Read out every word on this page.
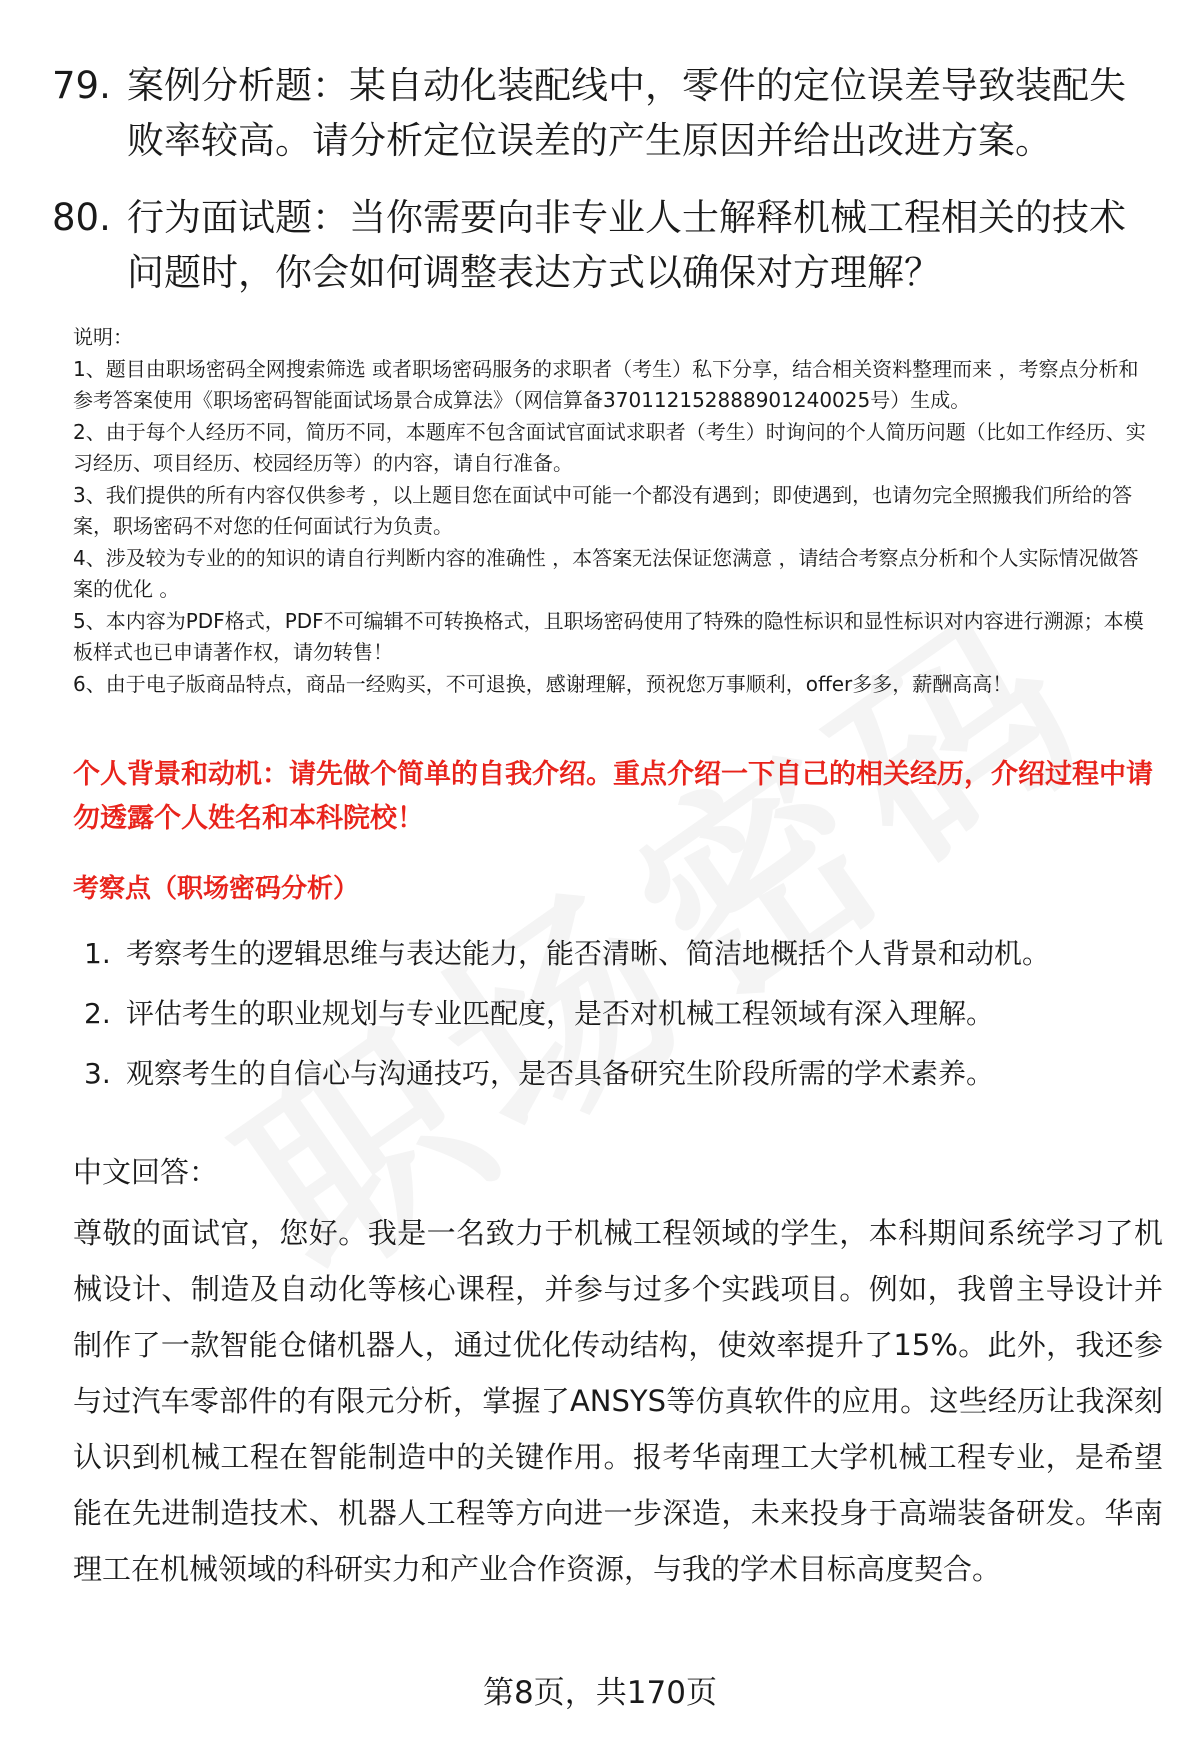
79. 案例分析题：某自动化装配线中，零件的定位误差导致装配失败率较高。请分析定位误差的产生原因并给出改进方案。
80. 行为面试题：当你需要向非专业人士解释机械工程相关的技术问题时，你会如何调整表达方式以确保对方理解？
说明：
1、题目由职场密码全网搜索筛选 或者职场密码服务的求职者（考生）私下分享，结合相关资料整理而来 ，考察点分析和参考答案使用《职场密码智能面试场景合成算法》（网信算备370112152888901240025号）生成。
2、由于每个人经历不同，简历不同，本题库不包含面试官面试求职者（考生）时询问的个人简历问题（比如工作经历、实习经历、项目经历、校园经历等）的内容，请自行准备。
3、我们提供的所有内容仅供参考 ，以上题目您在面试中可能一个都没有遇到；即使遇到，也请勿完全照搬我们所给的答案，职场密码不对您的任何面试行为负责。
4、涉及较为专业的的知识的请自行判断内容的准确性 ，本答案无法保证您满意 ，请结合考察点分析和个人实际情况做答案的优化 。
5、本内容为PDF格式，PDF不可编辑不可转换格式，且职场密码使用了特殊的隐性标识和显性标识对内容进行溯源；本模板样式也已申请著作权，请勿转售！
6、由于电子版商品特点，商品一经购买，不可退换，感谢理解，预祝您万事顺利，offer多多，薪酬高高！
个人背景和动机：请先做个简单的自我介绍。重点介绍一下自己的相关经历，介绍过程中请勿透露个人姓名和本科院校！
考察点（职场密码分析）
1. 考察考生的逻辑思维与表达能力，能否清晰、简洁地概括个人背景和动机。
2. 评估考生的职业规划与专业匹配度，是否对机械工程领域有深入理解。
3. 观察考生的自信心与沟通技巧，是否具备研究生阶段所需的学术素养。
中文回答：
尊敬的面试官，您好。我是一名致力于机械工程领域的学生，本科期间系统学习了机械设计、制造及自动化等核心课程，并参与过多个实践项目。例如，我曾主导设计并制作了一款智能仓储机器人，通过优化传动结构，使效率提升了15%。此外，我还参与过汽车零部件的有限元分析，掌握了ANSYS等仿真软件的应用。这些经历让我深刻认识到机械工程在智能制造中的关键作用。报考华南理工大学机械工程专业，是希望能在先进制造技术、机器人工程等方向进一步深造，未来投身于高端装备研发。华南理工在机械领域的科研实力和产业合作资源，与我的学术目标高度契合。
第8页，共170页
